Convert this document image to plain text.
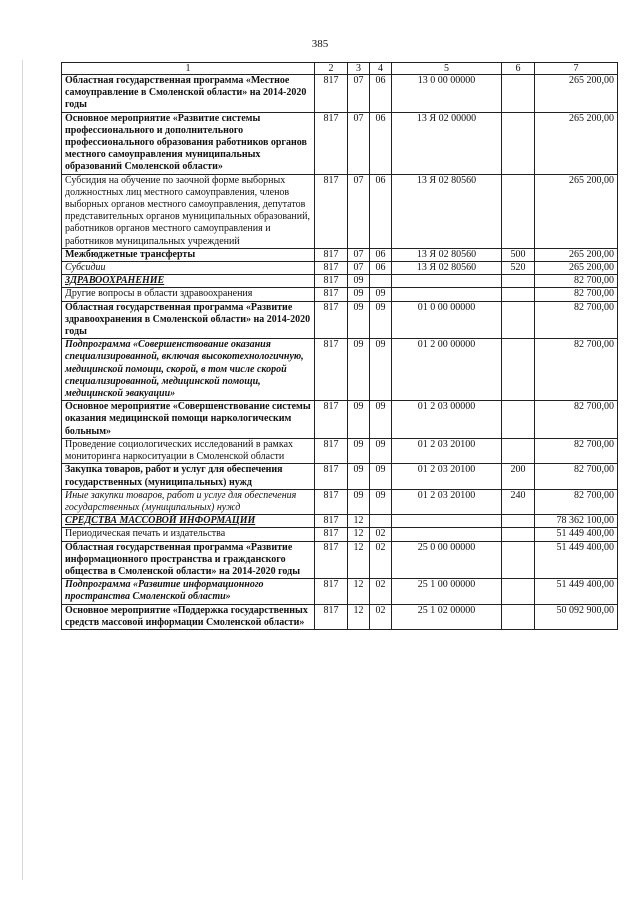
385
1	2	3	4	5	6	7
Областная государственная программа «Местное самоуправление в Смоленской области» на 2014-2020 годы	817	07	06	13 0 00 00000		265 200,00
Основное мероприятие «Развитие системы профессионального и дополнительного профессионального образования работников органов местного самоуправления муниципальных образований Смоленской области»	817	07	06	13 Я 02 00000		265 200,00
Субсидия на обучение по заочной форме выборных должностных лиц местного самоуправления, членов выборных органов местного самоуправления, депутатов представительных органов муниципальных образований, работников органов местного самоуправления и работников муниципальных учреждений	817	07	06	13 Я 02 80560		265 200,00
Межбюджетные трансферты	817	07	06	13 Я 02 80560	500	265 200,00
Субсидии	817	07	06	13 Я 02 80560	520	265 200,00
ЗДРАВООХРАНЕНИЕ	817	09				82 700,00
Другие вопросы в области здравоохранения	817	09	09			82 700,00
Областная государственная программа «Развитие здравоохранения в Смоленской области» на 2014-2020 годы	817	09	09	01 0 00 00000		82 700,00
Подпрограмма «Совершенствование оказания специализированной, включая высокотехнологичную, медицинской помощи, скорой, в том числе скорой специализированной, медицинской помощи, медицинской эвакуации»	817	09	09	01 2 00 00000		82 700,00
Основное мероприятие «Совершенствование системы оказания медицинской помощи наркологическим больным»	817	09	09	01 2 03 00000		82 700,00
Проведение социологических исследований в рамках мониторинга наркоситуации в Смоленской области	817	09	09	01 2 03 20100		82 700,00
Закупка товаров, работ и услуг для обеспечения государственных (муниципальных) нужд	817	09	09	01 2 03 20100	200	82 700,00
Иные закупки товаров, работ и услуг для обеспечения государственных (муниципальных) нужд	817	09	09	01 2 03 20100	240	82 700,00
СРЕДСТВА МАССОВОЙ ИНФОРМАЦИИ	817	12				78 362 100,00
Периодическая печать и издательства	817	12	02			51 449 400,00
Областная государственная программа «Развитие информационного пространства и гражданского общества в Смоленской области» на 2014-2020 годы	817	12	02	25 0 00 00000		51 449 400,00
Подпрограмма «Развитие информационного пространства Смоленской области»	817	12	02	25 1 00 00000		51 449 400,00
Основное мероприятие «Поддержка государственных средств массовой информации Смоленской области»	817	12	02	25 1 02 00000		50 092 900,00
